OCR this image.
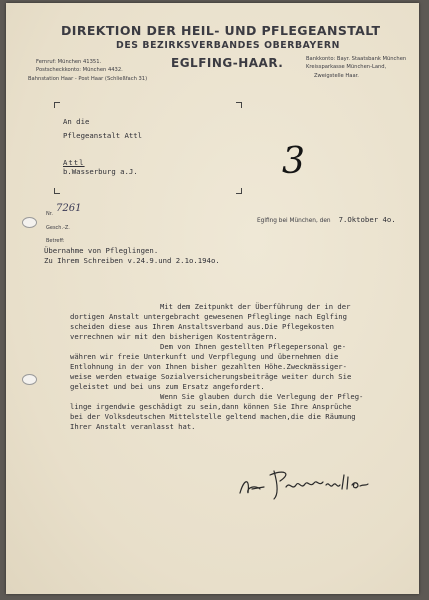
DIREKTION DER HEIL- UND PFLEGEANSTALT
DES BEZIRKSVERBANDES OBERBAYERN
EGLFING-HAAR.
Fernruf: München 41351.
Postscheckkonto: München 4432.
Bahnstation Haar - Post Haar (Schließfach 31)
Bankkonto: Bayr. Staatsbank München
Kreissparkasse München-Land,
Zweigstelle Haar.
An die
Pflegeanstalt Attl
Attl
b.Wasserburg a.J.	3
Nr. 7261
Gesch.-Z.
Betreff:
Eglfing bei München, den 7.Oktober 4o.
Übernahme von Pfleglingen.
Zu Ihrem Schreiben v.24.9.und 2.1o.194o.
Mit dem Zeitpunkt der Überführung der in der
dortigen Anstalt untergebracht gewesenen Pfleglinge nach Eglfing
scheiden diese aus Ihrem Anstaltsverband aus.Die Pflegekosten
verrechnen wir mit den bisherigen Kostenträgern.
Dem von Ihnen gestellten Pflegepersonal ge-
währen wir freie Unterkunft und Verpflegung und übernehmen die
Entlohnung in der von Ihnen bisher gezahlten Höhe.Zweckmässiger-
weise werden etwaige Sozialversicherungsbeiträge weiter durch Sie
geleistet und bei uns zum Ersatz angefordert.
Wenn Sie glauben durch die Verlegung der Pfleg-
linge irgendwie geschädigt zu sein,dann können Sie Ihre Ansprüche
bei der Volksdeutschen Mittelstelle geltend machen,die die Räumung
Ihrer Anstalt veranlasst hat.
